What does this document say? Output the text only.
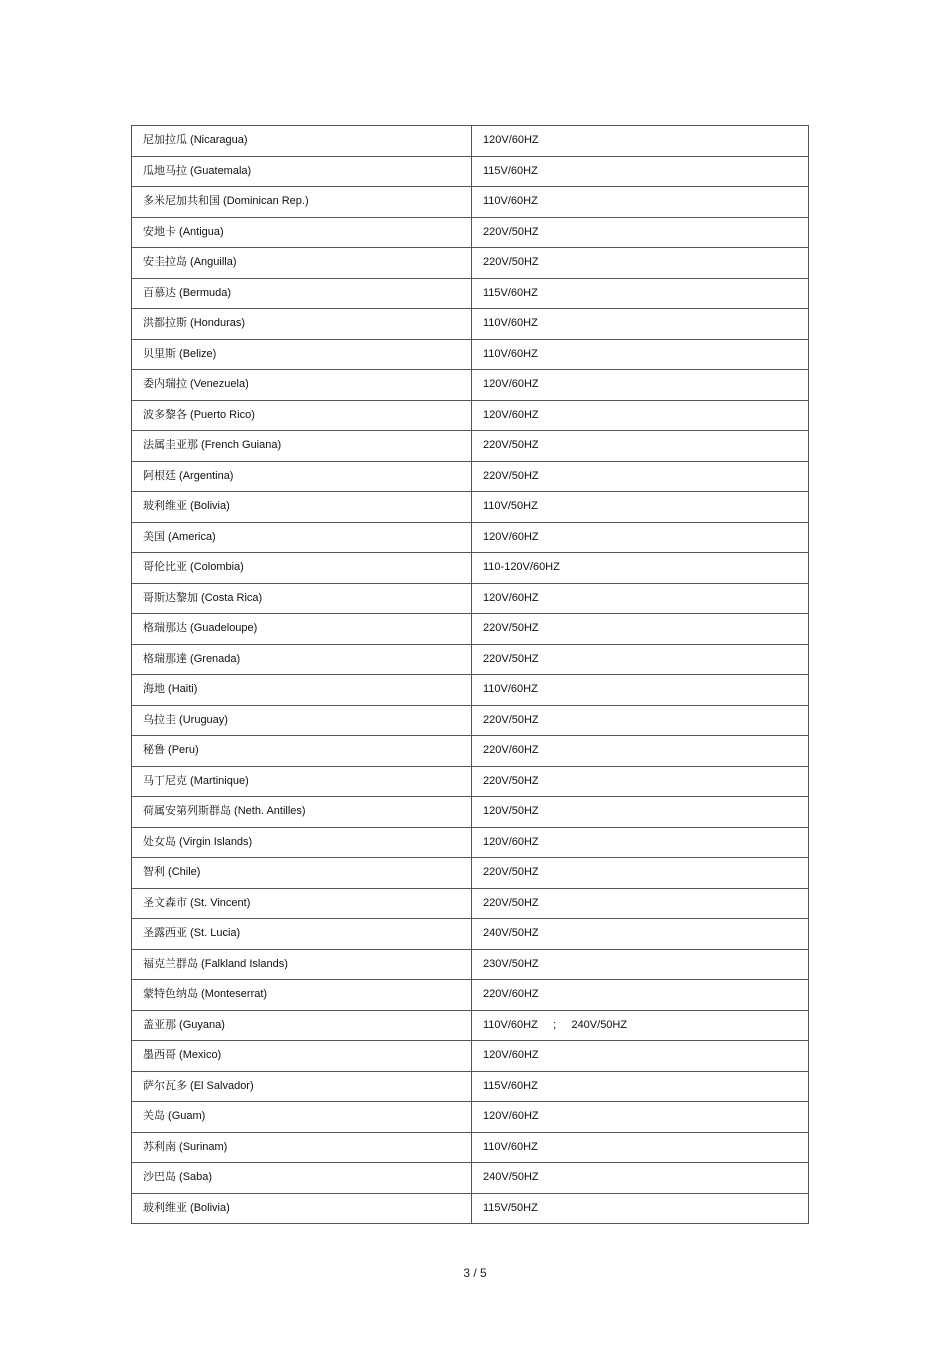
尼加拉瓜 (Nicaragua)	120V/60HZ
瓜地马拉 (Guatemala)	115V/60HZ
多米尼加共和国 (Dominican Rep.)	110V/60HZ
安地卡 (Antigua)	220V/50HZ
安圭拉岛 (Anguilla)	220V/50HZ
百慕达 (Bermuda)	115V/60HZ
洪都拉斯 (Honduras)	110V/60HZ
贝里斯 (Belize)	110V/60HZ
委内瑞拉 (Venezuela)	120V/60HZ
波多黎各 (Puerto Rico)	120V/60HZ
法属圭亚那 (French Guiana)	220V/50HZ
阿根廷 (Argentina)	220V/50HZ
玻利维亚 (Bolivia)	110V/50HZ
美国 (America)	120V/60HZ
哥伦比亚 (Colombia)	110-120V/60HZ
哥斯达黎加 (Costa Rica)	120V/60HZ
格瑞那达 (Guadeloupe)	220V/50HZ
格瑞那達 (Grenada)	220V/50HZ
海地 (Haiti)	110V/60HZ
乌拉圭 (Uruguay)	220V/50HZ
秘鲁 (Peru)	220V/60HZ
马丁尼克 (Martinique)	220V/50HZ
荷属安第列斯群岛 (Neth. Antilles)	120V/50HZ
处女岛 (Virgin Islands)	120V/60HZ
智利 (Chile)	220V/50HZ
圣文森市 (St. Vincent)	220V/50HZ
圣露西亚 (St. Lucia)	240V/50HZ
福克兰群岛 (Falkland Islands)	230V/50HZ
蒙特色纳岛 (Monteserrat)	220V/60HZ
盖亚那 (Guyana)	110V/60HZ     ;     240V/50HZ
墨西哥 (Mexico)	120V/60HZ
萨尔瓦多 (El Salvador)	115V/60HZ
关岛 (Guam)	120V/60HZ
苏利南 (Surinam)	110V/60HZ
沙巴岛 (Saba)	240V/50HZ
玻利维亚 (Bolivia)	115V/50HZ
3 / 5
